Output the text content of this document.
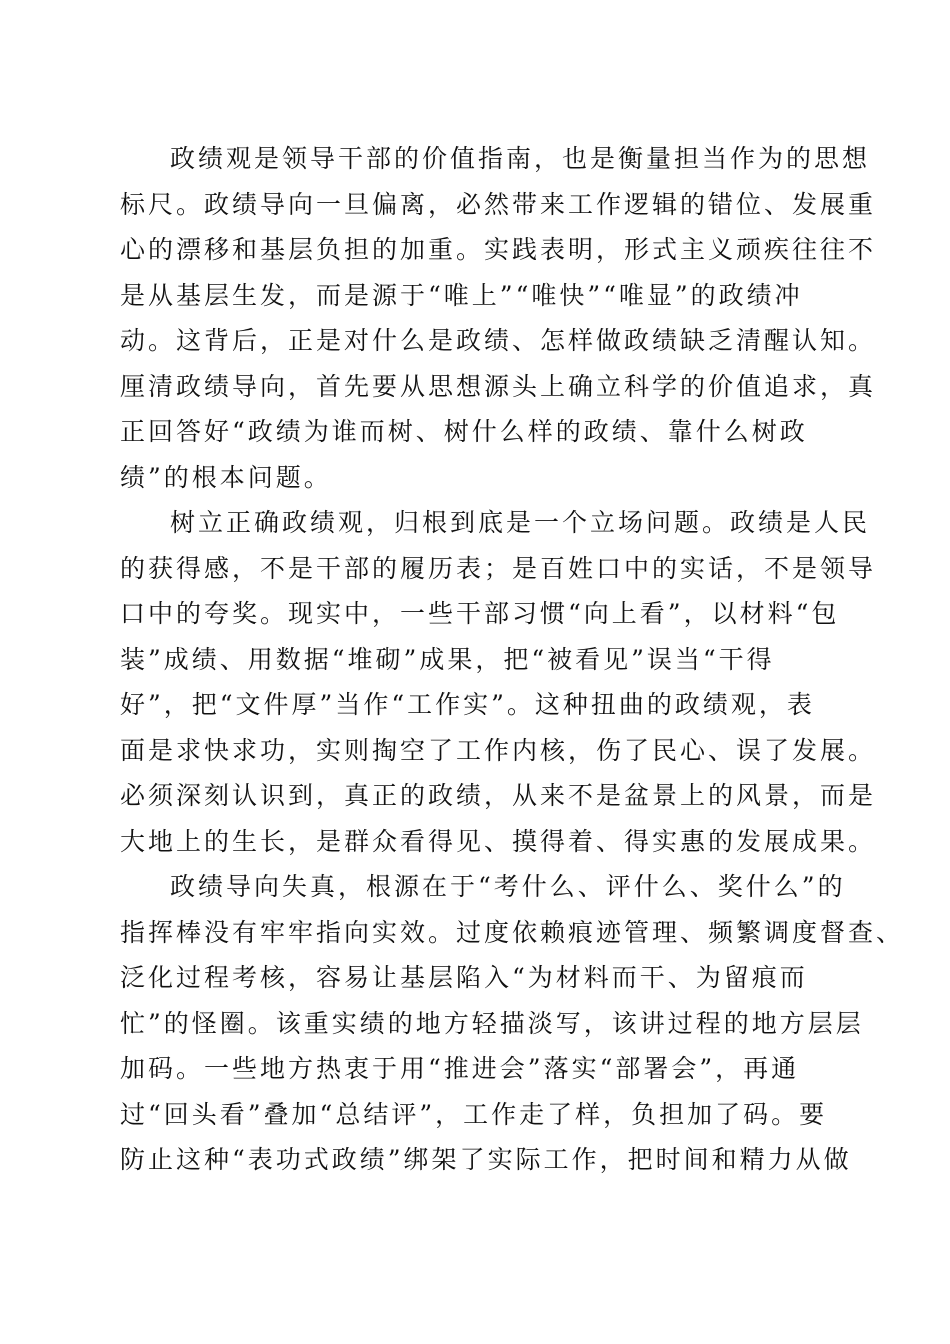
政绩观是领导干部的价值指南，也是衡量担当作为的思想
标尺。政绩导向一旦偏离，必然带来工作逻辑的错位、发展重
心的漂移和基层负担的加重。实践表明，形式主义顽疾往往不
是从基层生发，而是源于“唯上”“唯快”“唯显”的政绩冲
动。这背后，正是对什么是政绩、怎样做政绩缺乏清醒认知。
厘清政绩导向，首先要从思想源头上确立科学的价值追求，真
正回答好“政绩为谁而树、树什么样的政绩、靠什么树政
绩”的根本问题。

树立正确政绩观，归根到底是一个立场问题。政绩是人民
的获得感，不是干部的履历表；是百姓口中的实话，不是领导
口中的夸奖。现实中，一些干部习惯“向上看”，以材料“包
装”成绩、用数据“堆砌”成果，把“被看见”误当“干得
好”，把“文件厚”当作“工作实”。这种扭曲的政绩观，表
面是求快求功，实则掏空了工作内核，伤了民心、误了发展。
必须深刻认识到，真正的政绩，从来不是盆景上的风景，而是
大地上的生长，是群众看得见、摸得着、得实惠的发展成果。

政绩导向失真，根源在于“考什么、评什么、奖什么”的
指挥棒没有牢牢指向实效。过度依赖痕迹管理、频繁调度督查、
泛化过程考核，容易让基层陷入“为材料而干、为留痕而
忙”的怪圈。该重实绩的地方轻描淡写，该讲过程的地方层层
加码。一些地方热衷于用“推进会”落实“部署会”，再通
过“回头看”叠加“总结评”，工作走了样，负担加了码。要
防止这种“表功式政绩”绑架了实际工作，把时间和精力从做
